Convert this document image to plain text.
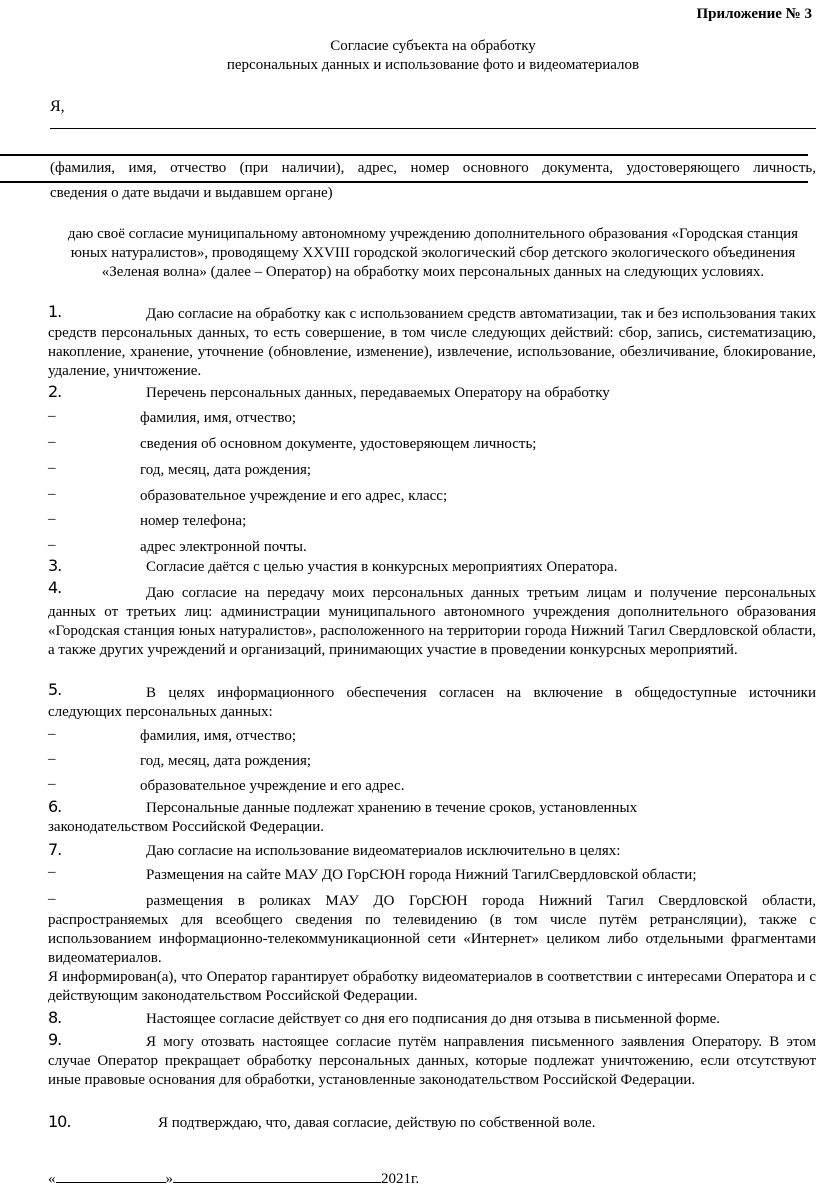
Приложение № 3
Согласие субъекта на обработку
персональных данных и использование фото и видеоматериалов
Я,
(фамилия, имя, отчество (при наличии), адрес, номер основного документа, удостоверяющего личность,
сведения о дате выдачи и выдавшем органе)
даю своё согласие муниципальному автономному учреждению дополнительного образования «Городская станция юных натуралистов», проводящему XXVIII городской экологический сбор детского экологического объединения «Зеленая волна» (далее – Оператор) на обработку моих персональных данных на следующих условиях.
1.	Даю согласие на обработку как с использованием средств автоматизации, так и без использования таких средств персональных данных, то есть совершение, в том числе следующих действий: сбор, запись, систематизацию, накопление, хранение, уточнение (обновление, изменение), извлечение, использование, обезличивание, блокирование, удаление, уничтожение.
2.	Перечень персональных данных, передаваемых Оператору на обработку
–	фамилия, имя, отчество;
–	сведения об основном документе, удостоверяющем личность;
–	год, месяц, дата рождения;
–	образовательное учреждение и его адрес, класс;
–	номер телефона;
–	адрес электронной почты.
3.	Согласие даётся с целью участия в конкурсных мероприятиях Оператора.
4.	Даю согласие на передачу моих персональных данных третьим лицам и получение персональных данных от третьих лиц: администрации муниципального автономного учреждения дополнительного образования «Городская станция юных натуралистов», расположенного на территории города Нижний Тагил Свердловской области, а также других учреждений и организаций, принимающих участие в проведении конкурсных мероприятий.
5.	В целях информационного обеспечения согласен на включение в общедоступные источники следующих персональных данных:
–	фамилия, имя, отчество;
–	год, месяц, дата рождения;
–	образовательное учреждение и его адрес.
6.	Персональные данные подлежат хранению в течение сроков, установленных
законодательством Российской Федерации.
7.	Даю согласие на использование видеоматериалов исключительно в целях:
–	Размещения на сайте МАУ ДО ГорСЮН города Нижний ТагилСвердловской области;
–	размещения в роликах МАУ ДО ГорСЮН города Нижний Тагил Свердловской области, распространяемых для всеобщего сведения по телевидению (в том числе путём ретрансляции), также с использованием информационно-телекоммуникационной сети «Интернет» целиком либо отдельными фрагментами видеоматериалов.
Я информирован(а), что Оператор гарантирует обработку видеоматериалов в соответствии с интересами Оператора и с действующим законодательством Российской Федерации.
8.	Настоящее согласие действует со дня его подписания до дня отзыва в письменной форме.
9.	Я могу отозвать настоящее согласие путём направления письменного заявления Оператору. В этом случае Оператор прекращает обработку персональных данных, которые подлежат уничтожению, если отсутствуют иные правовые основания для обработки, установленные законодательством Российской Федерации.
10.	Я подтверждаю, что, давая согласие, действую по собственной воле.
«	»	2021г.
